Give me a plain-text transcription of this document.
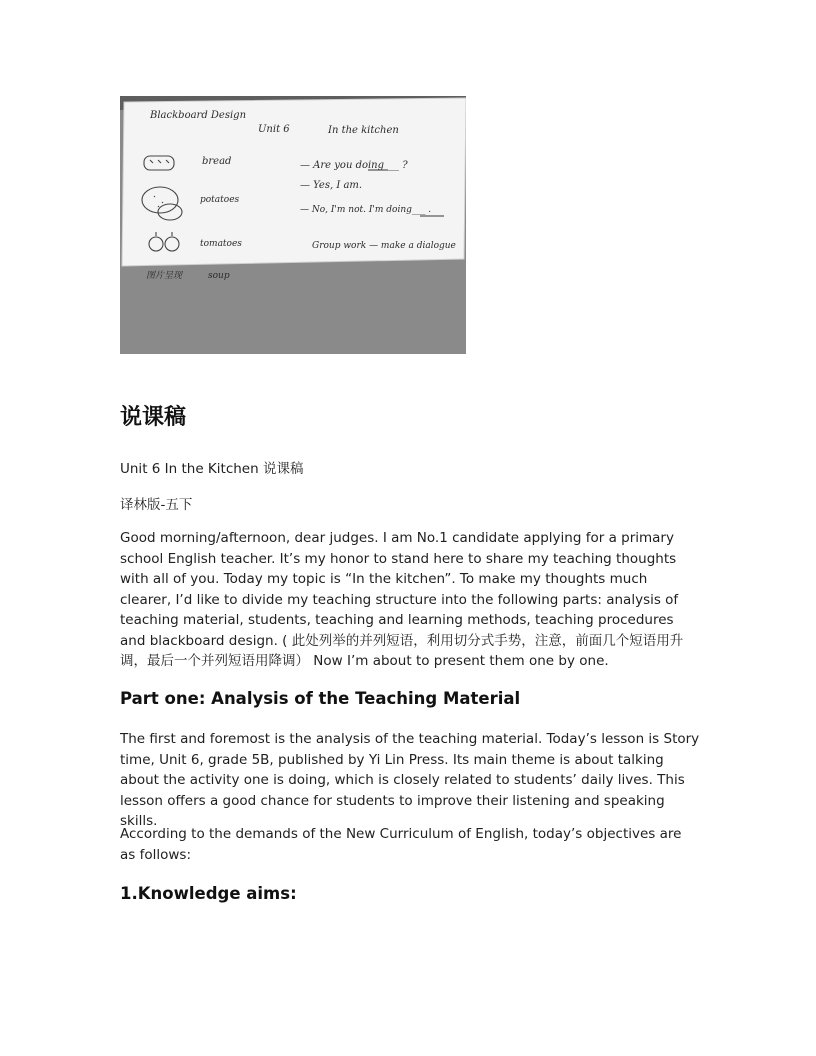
Blackboard Design
Unit 6	In the kitchen
bread
potatoes
tomatoes
soup
— Are you doing___ ?
— Yes, I am.
— No, I'm not. I'm doing___ .
Group work — make a dialogue
图片呈现
说课稿

Unit 6 In the Kitchen 说课稿

译林版-五下

Good morning/afternoon, dear judges. I am No.1 candidate applying for a primary school English teacher. It’s my honor to stand here to share my teaching thoughts with all of you. Today my topic is “In the kitchen”. To make my thoughts much clearer, I’d like to divide my teaching structure into the following parts: analysis of teaching material, students, teaching and learning methods, teaching procedures and blackboard design. ( 此处列举的并列短语，利用切分式手势，注意，前面几个短语用升调，最后一个并列短语用降调） Now I’m about to present them one by one.

Part one: Analysis of the Teaching Material

The first and foremost is the analysis of the teaching material. Today’s lesson is Story time, Unit 6, grade 5B, published by Yi Lin Press. Its main theme is about talking about the activity one is doing, which is closely related to students’ daily lives. This lesson offers a good chance for students to improve their listening and speaking skills.

According to the demands of the New Curriculum of English, today’s objectives are as follows:

1.Knowledge aims:
